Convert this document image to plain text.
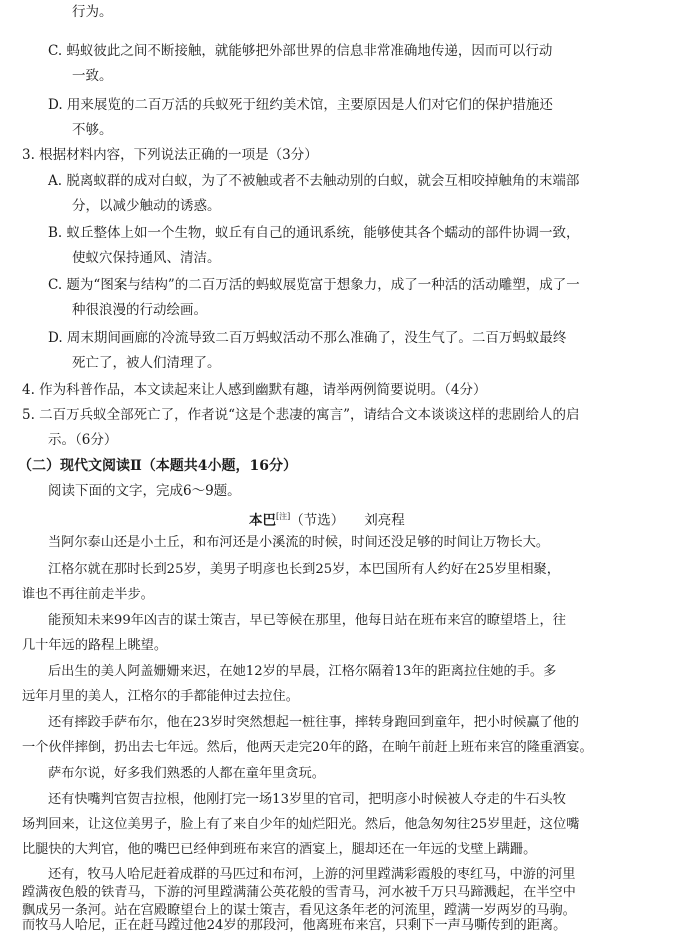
行为。

C. 蚂蚁彼此之间不断接触，就能够把外部世界的信息非常准确地传递，因而可以行动

一致。

D. 用来展览的二百万活的兵蚁死于纽约美术馆，主要原因是人们对它们的保护措施还

不够。

3. 根据材料内容，下列说法正确的一项是（3分）

A. 脱离蚁群的成对白蚁，为了不被触或者不去触动别的白蚁，就会互相咬掉触角的末端部

分，以减少触动的诱惑。

B. 蚁丘整体上如一个生物，蚁丘有自己的通讯系统，能够使其各个蠕动的部件协调一致，

使蚁穴保持通风、清洁。

C. 题为“图案与结构”的二百万活的蚂蚁展览富于想象力，成了一种活的活动雕塑，成了一

种很浪漫的行动绘画。

D. 周末期间画廊的冷流导致二百万蚂蚁活动不那么准确了，没生气了。二百万蚂蚁最终

死亡了，被人们清理了。

4. 作为科普作品，本文读起来让人感到幽默有趣，请举两例简要说明。（4分）

5. 二百万兵蚁全部死亡了，作者说“这是个悲凄的寓言”，请结合文本谈谈这样的悲剧给人的启

示。（6分）

（二）现代文阅读Ⅱ（本题共4小题，16分）

阅读下面的文字，完成6～9题。

本巴[注]（节选） 刘亮程

当阿尔泰山还是小土丘，和布河还是小溪流的时候，时间还没足够的时间让万物长大。

江格尔就在那时长到25岁，美男子明彦也长到25岁，本巴国所有人约好在25岁里相聚，

谁也不再往前走半步。

能预知未来99年凶吉的谋士策吉，早已等候在那里，他每日站在班布来宫的瞭望塔上，往

几十年远的路程上眺望。

后出生的美人阿盖姗姗来迟，在她12岁的早晨，江格尔隔着13年的距离拉住她的手。多

远年月里的美人，江格尔的手都能伸过去拉住。

还有摔跤手萨布尔，他在23岁时突然想起一桩往事，摔转身跑回到童年，把小时候赢了他的

一个伙伴摔倒，扔出去七年远。然后，他两天走完20年的路，在晌午前赶上班布来宫的隆重酒宴。

萨布尔说，好多我们熟悉的人都在童年里贪玩。

还有快嘴判官贺吉拉根，他刚打完一场13岁里的官司，把明彦小时候被人夺走的牛石头牧

场判回来，让这位美男子，脸上有了来自少年的灿烂阳光。然后，他急匆匆往25岁里赶，这位嘴

比腿快的大判官，他的嘴巴已经伸到班布来宫的酒宴上，腿却还在一年远的戈壁上蹒跚。

还有，牧马人哈尼赶着成群的马匹过和布河，上游的河里蹚满彩霞般的枣红马，中游的河里

蹚满夜色般的铁青马，下游的河里蹚满蒲公英花般的雪青马，河水被千万只马蹄溅起，在半空中

飘成另一条河。站在宫殿瞭望台上的谋士策吉，看见这条年老的河流里，蹚满一岁两岁的马驹。

而牧马人哈尼，正在赶马蹚过他24岁的那段河，他离班布来宫，只剩下一声马嘶传到的距离。
